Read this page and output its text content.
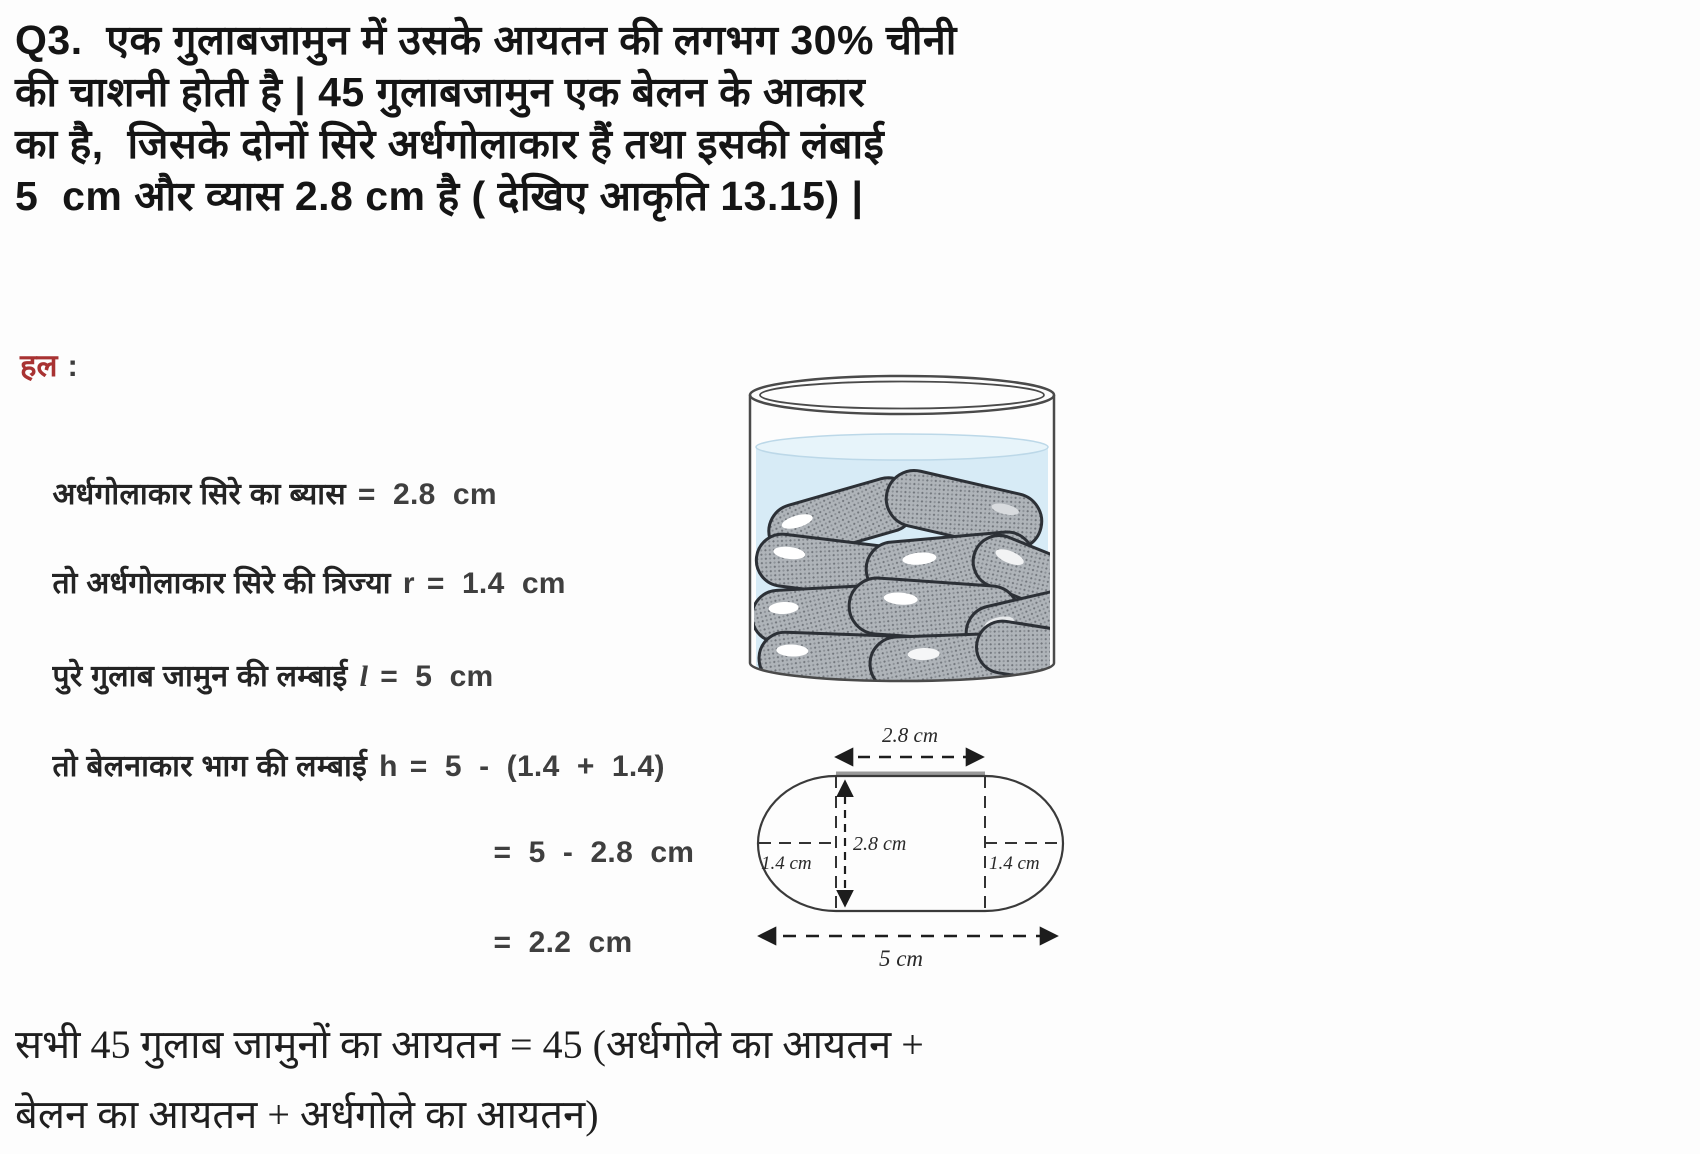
Q3.  एक गुलाबजामुन में उसके आयतन की लगभग 30% चीनी
की चाशनी होती है | 45 गुलाबजामुन एक बेलन के आकार
का है,  जिसके दोनों सिरे अर्धगोलाकार हैं तथा इसकी लंबाई
5  cm और व्यास 2.8 cm है ( देखिए आकृति 13.15) |
हल :

अर्धगोलाकार सिरे का ब्यास =  2.8  cm

तो अर्धगोलाकार सिरे की त्रिज्या r =  1.4  cm

पुरे गुलाब जामुन की लम्बाई l =  5  cm

तो बेलनाकार भाग की लम्बाई h =  5  -  (1.4  +  1.4)

=  5  -  2.8  cm

=  2.2  cm

2.8 cm
2.8 cm
1.4 cm	1.4 cm
5 cm
सभी 45 गुलाब जामुनों का आयतन = 45 (अर्धगोले का आयतन +
बेलन का आयतन + अर्धगोले का आयतन)
